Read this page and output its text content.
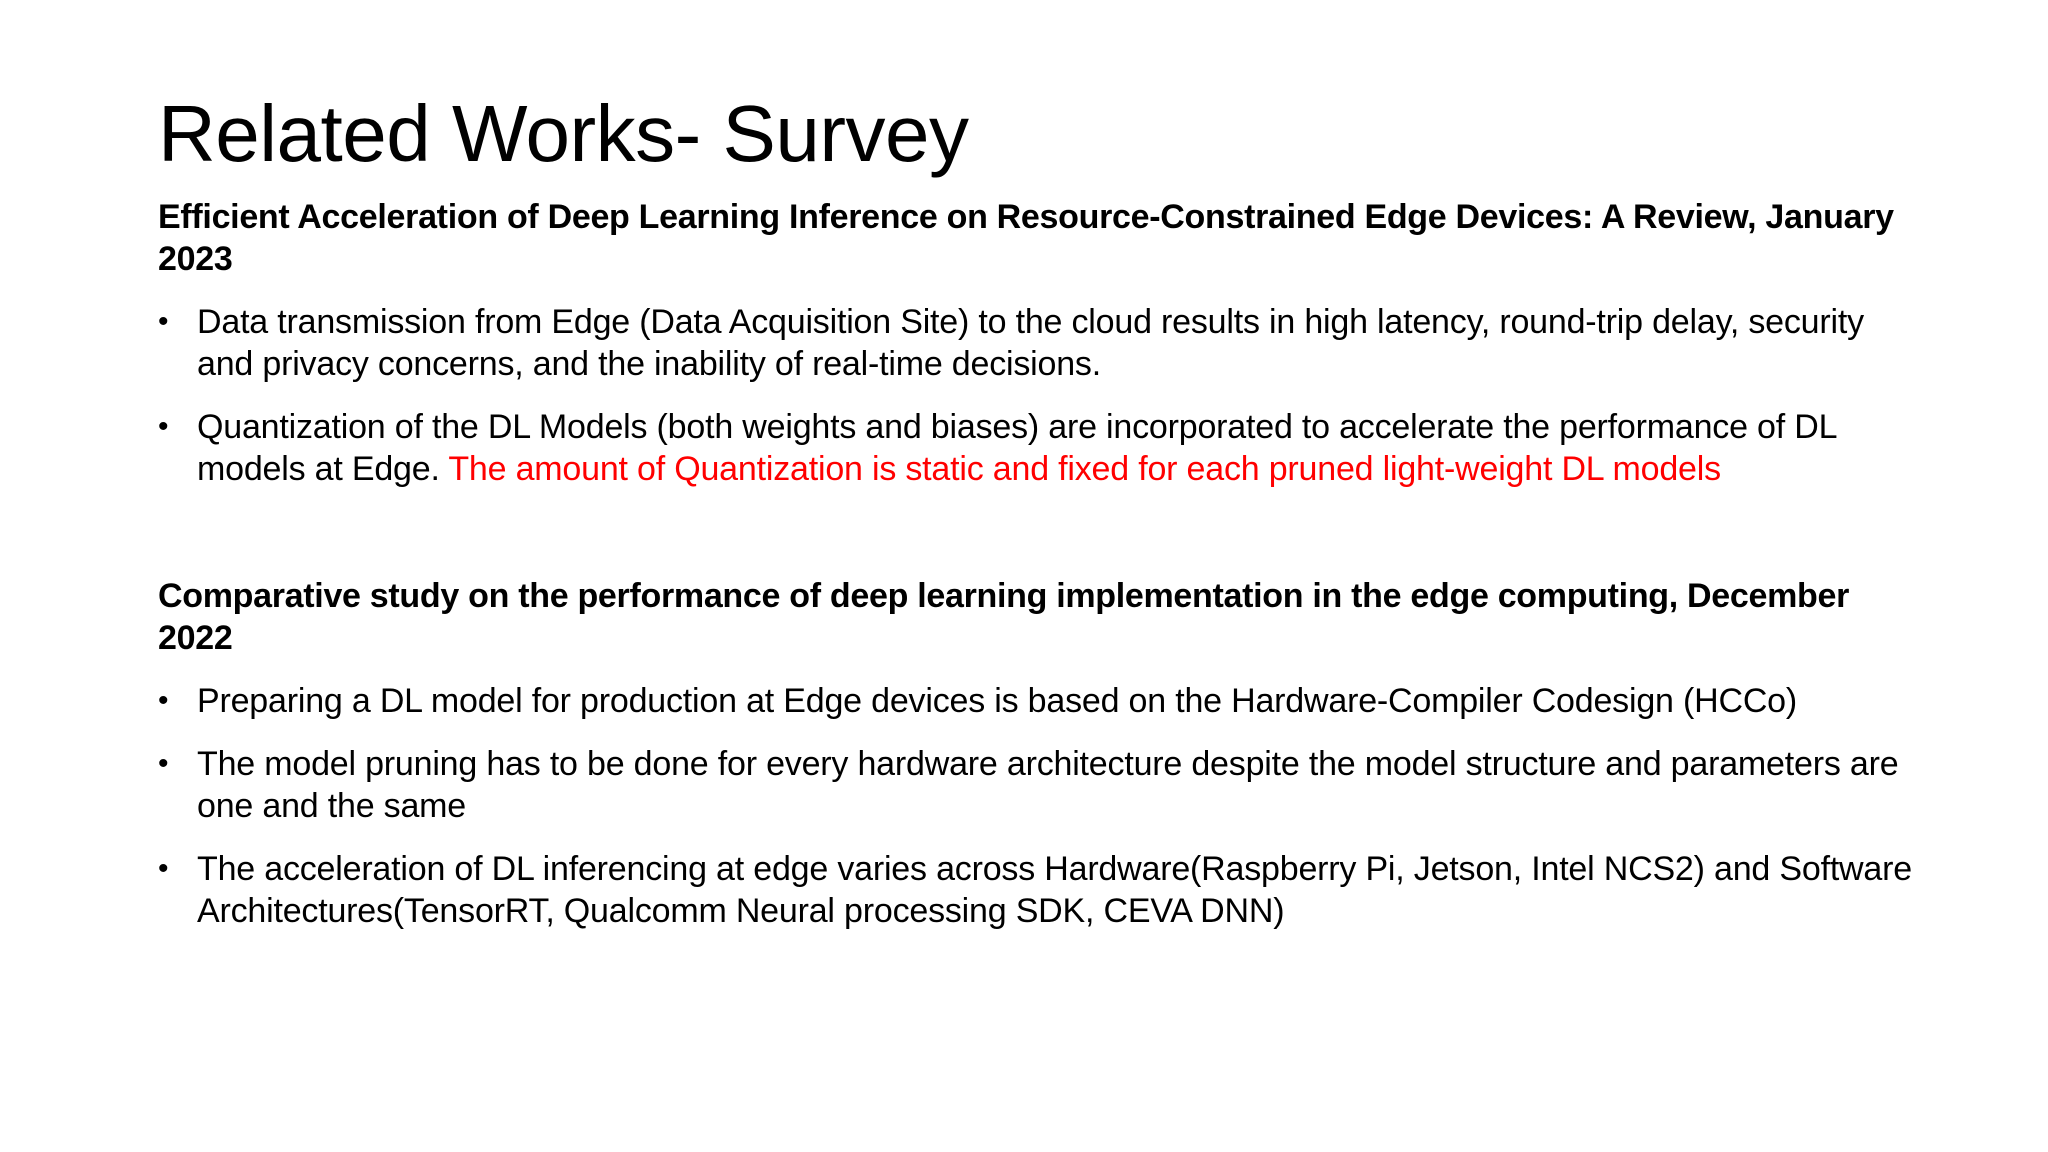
Related Works- Survey

Efficient Acceleration of Deep Learning Inference on Resource-Constrained Edge Devices: A Review, January 2023

• Data transmission from Edge (Data Acquisition Site) to the cloud results in high latency, round-trip delay, security and privacy concerns, and the inability of real-time decisions.
• Quantization of the DL Models (both weights and biases) are incorporated to accelerate the performance of DL models at Edge. The amount of Quantization is static and fixed for each pruned light-weight DL models

Comparative study on the performance of deep learning implementation in the edge computing, December 2022

• Preparing a DL model for production at Edge devices is based on the Hardware-Compiler Codesign (HCCo)
• The model pruning has to be done for every hardware architecture despite the model structure and parameters are one and the same
• The acceleration of DL inferencing at edge varies across Hardware(Raspberry Pi, Jetson, Intel NCS2) and Software Architectures(TensorRT, Qualcomm Neural processing SDK, CEVA DNN)
